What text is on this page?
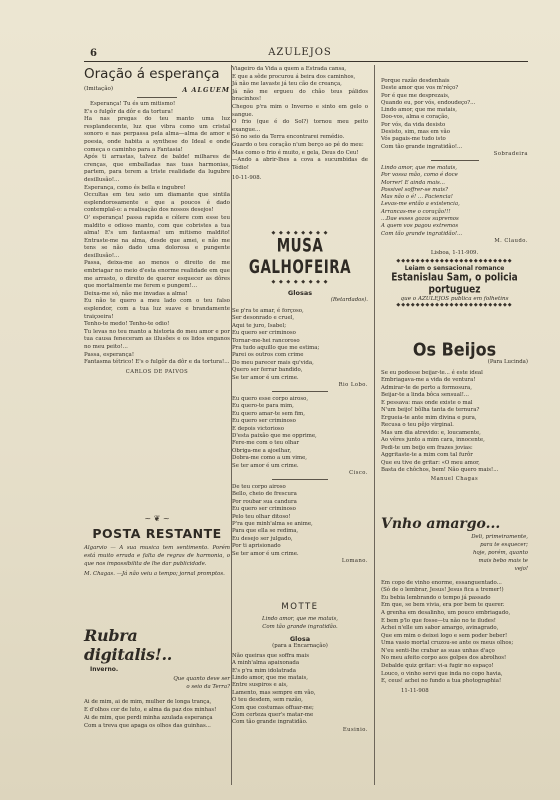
6	AZULEJOS
Oração á esperança
(Imitação)	A ALGUEM

Esperança! Tu és um mitismo!
E's o fulgôr da dôr e da tortura!
Ha nas pregas do teu manto uma luz resplandecente, luz que vibra como um cristal sonoro e nas perpassa pela alma—alma de amor e poesia, onde habita a synthese do Ideal e onde começa o caminho para a Fantasia!
Após ti arrastas, talvez de balde! milhares de crenças, que emballadas nas tuas harmonias, partem, para terem a triste realidade da lugubre desillusão!...
Esperança, como és bella e ingubre!
Occultas em teu seio um diamante que sintila esplendorosamente e que a poucos é dado contemplal-o: a realisação dos nossos desejos!
O' esperança! passa rapida e célere com esse teu maldito e odioso manto, com que cobristes a tua alma! E's um fantasma! um mitismo maldito! Entraste-me na alma, desde que amei, e não me tens se não dado uma dolorosa e pungente desillusão!...
Passa, deixa-me ao menos o direito de me embriagar no meio d'esta enorme realidade em que me arrasto, o direito de querer esquecer as dôres que mortalmente me ferem e pungem!...
Deixa-me só, não me invadas a alma!
Eu não te quero a meu lado com o teu falso esplendor, com a tua luz suave e brandamente traiçoeira!
Tenho-te medo! Tenho-te odio!
Tu levas no teu manto a historia do meu amor e por tua causa feneceram as illusões e os lidos enganos no meu peito!...
Passa, esperança!
Fantasma tétrico! E's o fulgôr da dôr e da tortura!...

CARLOS DE PAIVOS

~ ❦ ~
POSTA RESTANTE

Algarvio — A sua musica tem sentimento. Porém está muito errada e falta de regras de harmonia, o que nos impossibilita de lhe dar publicidade.

M. Chagas. —Já não veiu a tempo; jornal promptos.

Rubra digitalis!..
Inverno.

Que quanto deve ser
o seio da Terra?

Ai de mim, ai de mim, mulher de longa trança,
E d'olhos cor de luto, e alma da paz dos minhas!
Ai de mim, que perdi minha azulada esperança
Com a treva que apaga os olhos das guinhas...

Viageiro da Vida a quem a Estrada cansa,
E que a sêde procurou á beira dos caminhos,
Já não me lavaste já teu cão de creança,
Já não me ergueu do chão teus pálidos bracinhos!
Chegou p'ra mim o Inverno e sinto em gelo o sangue.
O frio (que é do Sol?) tornou meu peito exangue...
Só no seio da Terra encontrarei remédio.
Guardo o teu coração n'um berço ao pé do meu:
Mas como o frio é muito, e gela, Deus do Ceu!
—Ando a abrir-lhes a cova a sucumbidas de Tédio!

10-11-908.

◆ ◆ ◆ ◆ ◆ ◆ ◆ ◆
MUSA GALHOFEIRA
◆ ◆ ◆ ◆ ◆ ◆ ◆ ◆
Glosas

(Retardados).

Se p'ra te amar, é forçoso,
Ser desonrado e cruel,
Aqui te juro, Isabel;
Eu quero ser criminoso
Tornar-me-hei rancoroso
Pra tudo aquillo que me estima;
Parei os outros com crime
Do meu parecer mais qu'vida,
Quero ser ferrar bandido,
Se ter amor é um crime.

Rio Lobo.

Eu quero esse corpo airoso,
Eu quero-te para mim,
Eu quero amar-te sem fim,
Eu quero ser criminoso
E depois victorioso
D'esta paixão que me opprime,
Fere-me com o teu olhar
Obriga-me a ajoelhar,
Dobra-me como a um vime,
Se ter amor é um crime.

Cisco.

De teu corpo airoso
Bello, cheio de frescura
Por roubar sua candura
Eu quero ser criminoso
Pelo teu olhar ditoso!
P'ra que minh'alma se anime,
Para que ella se redima,
Eu desejo ser julgado,
Por ti aprisionado
Se ter amor é um crime.

Lomano.

MOTTE

Lindo amor, que me matais,
Com tão grande ingratidão.

Glosa

(para a Encarnação)

Não queiras que soffra mais
A minh'alma apaixonada
E's p'ra mim idolatrada
Lindo amor, que me matais,
Entre suspiros e ais,
Lamento, mas sempre em vão,
O teu desdem, sem razão,
Com que costumas offuar-me;
Com certeza quer's matar-me
Com tão grande ingratidão.

Eusinio.

Porque razão desdenhais
Deste amor que vos m'réço?
Por é que me desprezais,
Quando eu, por vós, endoudeço?...
Lindo amor, que me matais,
Doo-vos, alma e coração,
Por vós, da vida desisto
Desisto, sim, mas em vão
Vós pagais-me tudo isto
Com tão grande ingratidão!...

Sobradeira

Lindo amor, que me matais,
Por vossa mão, como é doce
Morrer! E ainda mais...
Possivel soffrer-se mais?
Mas não o é! ... Paciencia!
Levas-me então a existencia,
Arrancas-me o coração!!!
...Dae esses gozos supremos
A quem vos pagou extremos
Com tão grande ingratidão!...

M. Claudo.

Lisboa, 1-11-909.

◆◆◆◆◆◆◆◆◆◆◆◆◆◆◆◆◆◆◆◆◆◆◆◆
Leiam o sensacional romance
Estanislau Sam, o policia portuguez
que o AZULEJOS publica em folhetins
◆◆◆◆◆◆◆◆◆◆◆◆◆◆◆◆◆◆◆◆◆◆◆◆
Os Beijos

(Para Lucinda)

Se eu podesse beijar-te... é este ideal
Embriagava-me a vida de ventura!
Admirar-te de perto a formosura,
Beijar-te a linda bôca sensual!...
E pessava: mas onde existe o mal
N'um beijo! bôlha tanta de ternura?
Ergueia-te ante mim divina e pura,
Recusa o teu pêjo virginal.
Mas um dia atrevido: e, loucamente,
Ao vêres junto a mim cara, innocente,
Pedi-te um beijo em frazes jovias:
Aggritaste-te a mim com tal furôr
Que eu tive de gritar: «O meu amor,
Basta de chôchos, bem! Não quero mais!...

Manuel Chagas

Vnho amargo...

Deli, primeiramente,
para te esquecer;
hoje, porém, quanto
mais bebo mais te
vejo!

Em copo de vinho enorme, essanguentado...
(Só de o lembrar, Jesus! Jesus fica a tremer!)
Eu bebia lembrando o tempo já passado
Em que, se bem vivia, era por bem te querer.
A grenha em desalinho, um pouco embriagado,
E bem p'lo que fosse—tu não no te iludes!
Achei n'elle um sabor amargo, avinagrado,
Que em mim o deixei logo e sem poder beber!
Uma vasio mortal cruzou-se ante os meus olhos;
N'eu senti-lhe crabar as suas unhas d'aço
No meu afeito corpo aos golpes dos abrolhos!
Debalde quiz gritar: vi-a fugir no espaço!
Louco, o vinho servi que inda no copo havia,
E, ceus! achei no fundo a tua photographia!

11-11-908
